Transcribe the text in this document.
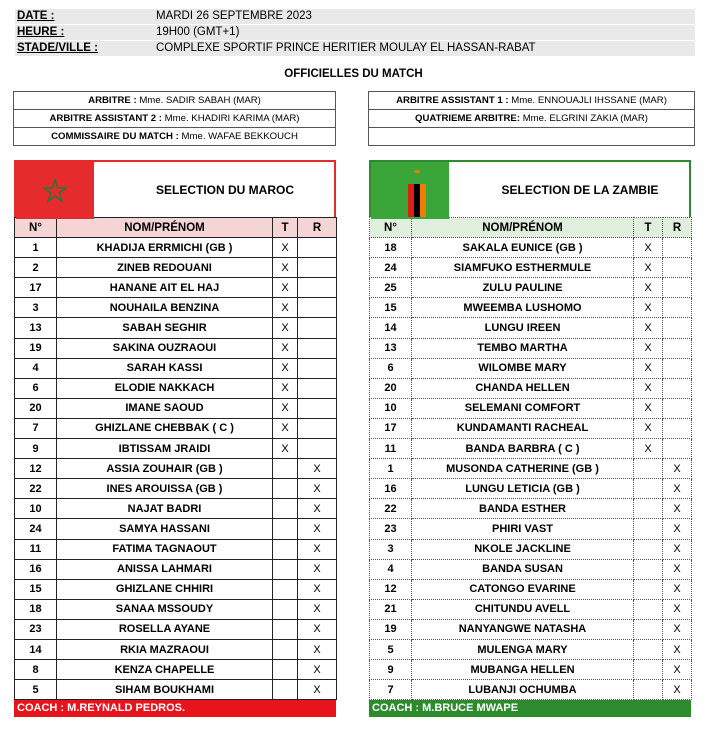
DATE :	MARDI 26 SEPTEMBRE 2023
HEURE :	19H00 (GMT+1)
STADE/VILLE :	COMPLEXE SPORTIF PRINCE HERITIER MOULAY EL HASSAN-RABAT
OFFICIELLES DU MATCH
ARBITRE : Mme. SADIR SABAH (MAR)
ARBITRE ASSISTANT 2 : Mme. KHADIRI KARIMA (MAR)
COMMISSAIRE DU MATCH : Mme. WAFAE BEKKOUCH
ARBITRE ASSISTANT 1 : Mme. ENNOUAJLI IHSSANE (MAR)
QUATRIEME ARBITRE: Mme. ELGRINI ZAKIA (MAR)

SELECTION DU MAROC
N°	NOM/PRÉNOM	T	R
1	KHADIJA ERRMICHI (GB )	X	
2	ZINEB REDOUANI	X	
17	HANANE AIT EL HAJ	X	
3	NOUHAILA BENZINA	X	
13	SABAH SEGHIR	X	
19	SAKINA OUZRAOUI	X	
4	SARAH KASSI	X	
6	ELODIE NAKKACH	X	
20	IMANE SAOUD	X	
7	GHIZLANE CHEBBAK ( C )	X	
9	IBTISSAM JRAIDI	X	
12	ASSIA ZOUHAIR (GB )		X
22	INES AROUISSA (GB )		X
10	NAJAT BADRI		X
24	SAMYA HASSANI		X
11	FATIMA TAGNAOUT		X
16	ANISSA LAHMARI		X
15	GHIZLANE CHHIRI		X
18	SANAA MSSOUDY		X
23	ROSELLA AYANE		X
14	RKIA MAZRAOUI		X
8	KENZA CHAPELLE		X
5	SIHAM BOUKHAMI		X
COACH : M.REYNALD PEDROS.
SELECTION DE LA ZAMBIE
N°	NOM/PRÉNOM	T	R
18	SAKALA EUNICE (GB )	X	
24	SIAMFUKO ESTHERMULE	X	
25	ZULU PAULINE	X	
15	MWEEMBA LUSHOMO	X	
14	LUNGU IREEN	X	
13	TEMBO MARTHA	X	
6	WILOMBE MARY	X	
20	CHANDA HELLEN	X	
10	SELEMANI COMFORT	X	
17	KUNDAMANTI RACHEAL	X	
11	BANDA BARBRA ( C )	X	
1	MUSONDA CATHERINE (GB )		X
16	LUNGU LETICIA (GB )		X
22	BANDA ESTHER		X
23	PHIRI VAST		X
3	NKOLE JACKLINE		X
4	BANDA SUSAN		X
12	CATONGO EVARINE		X
21	CHITUNDU AVELL		X
19	NANYANGWE NATASHA		X
5	MULENGA MARY		X
9	MUBANGA HELLEN		X
7	LUBANJI OCHUMBA		X
COACH : M.BRUCE MWAPE
